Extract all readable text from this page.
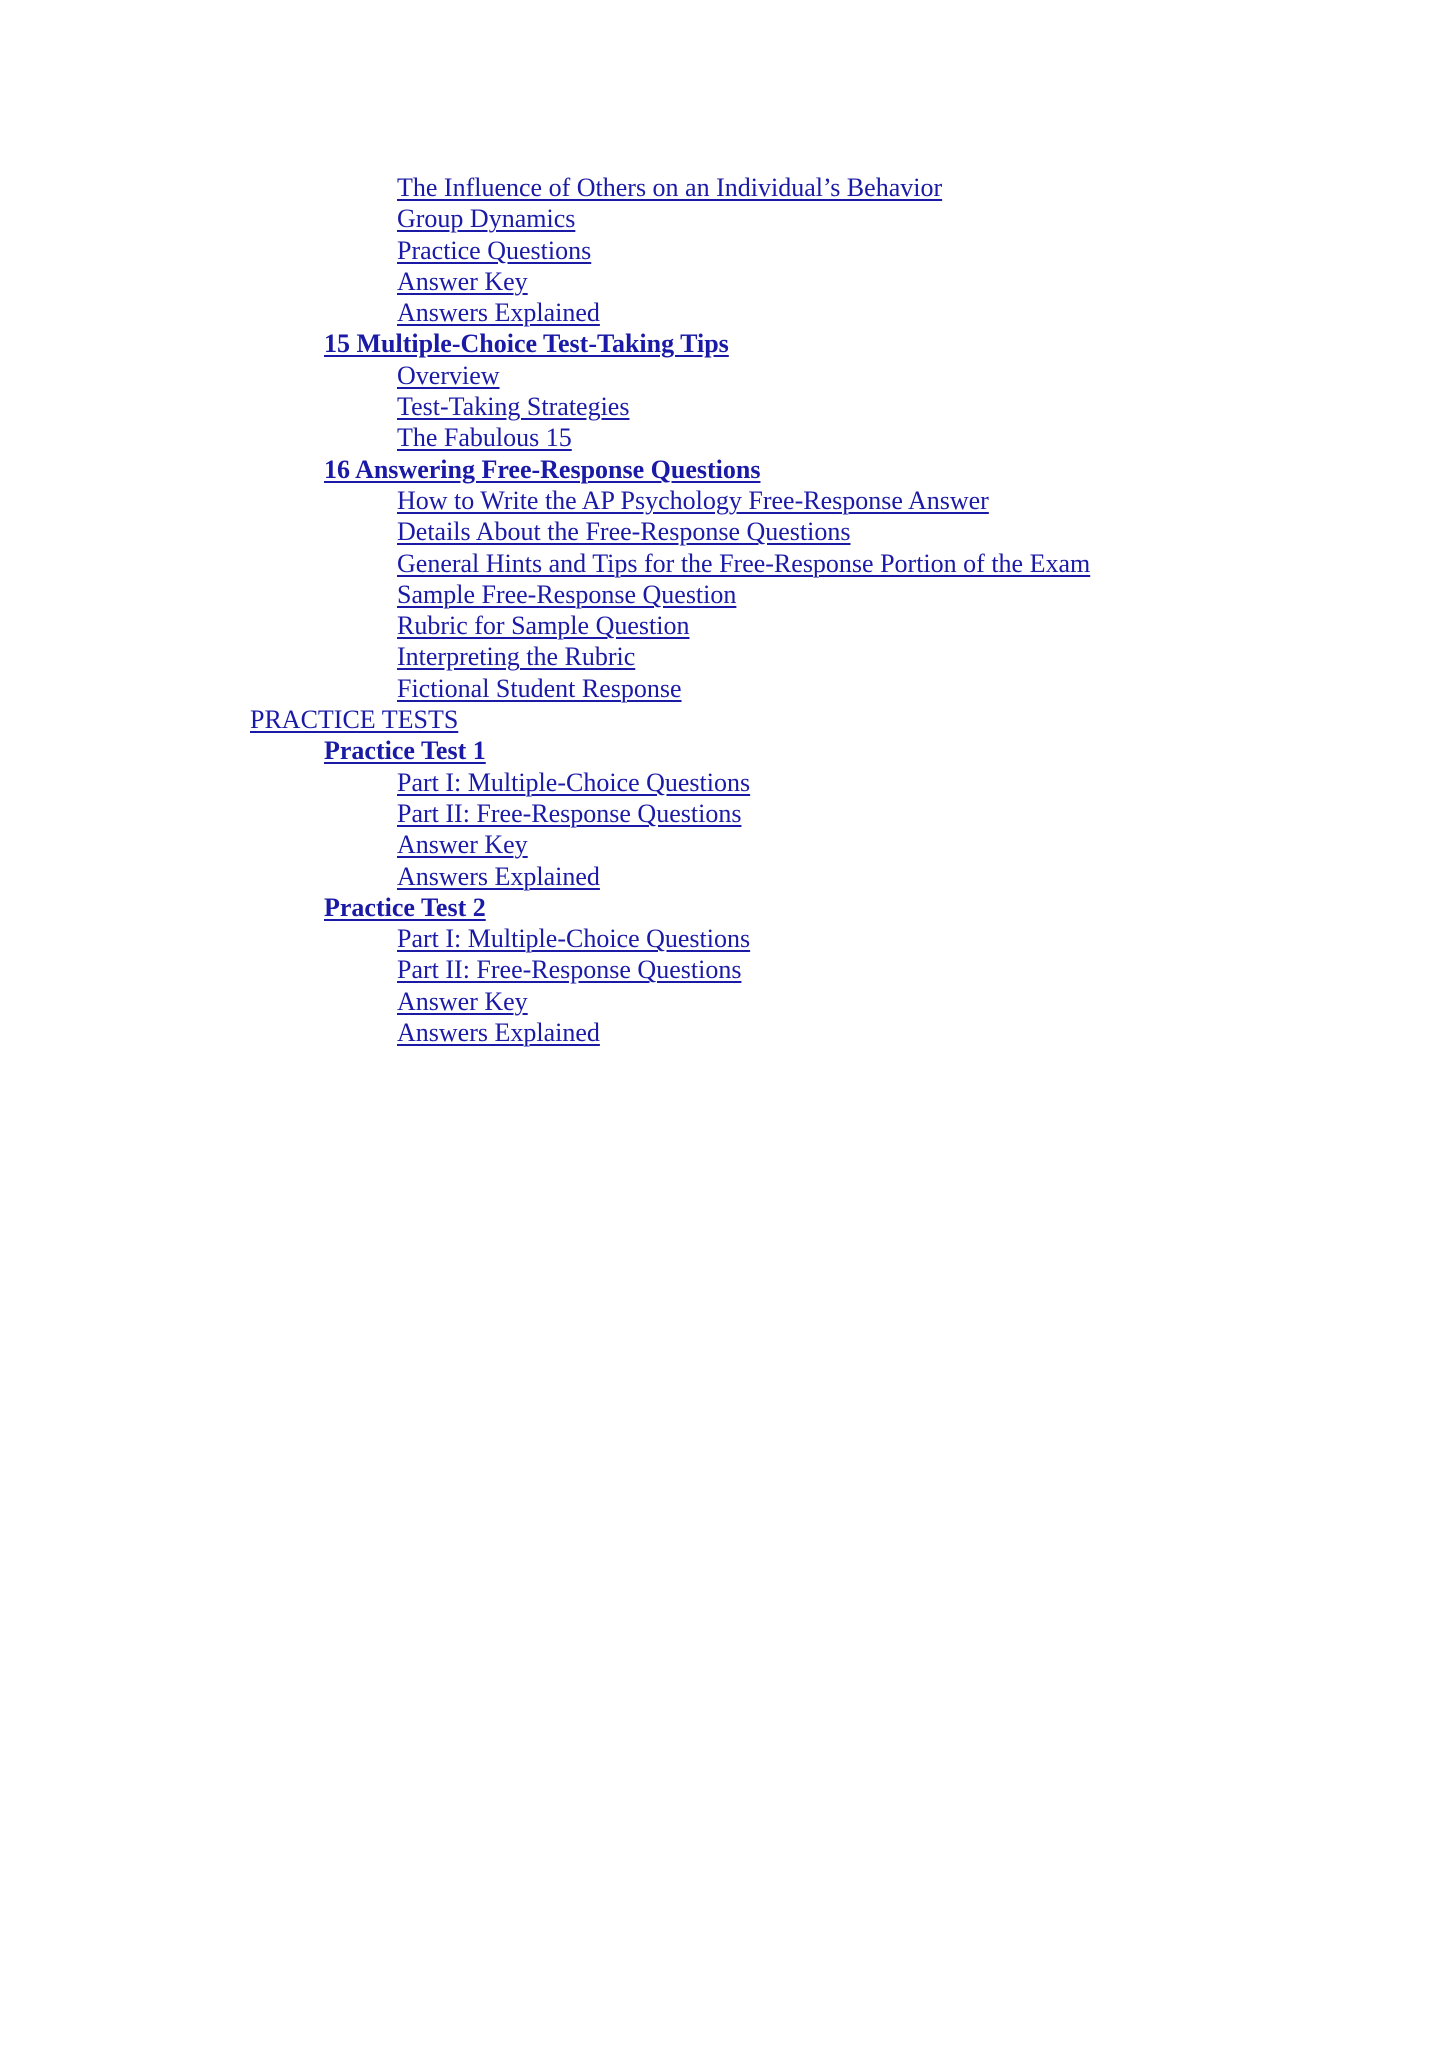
The Influence of Others on an Individual’s Behavior
Group Dynamics
Practice Questions
Answer Key
Answers Explained
15 Multiple-Choice Test-Taking Tips
Overview
Test-Taking Strategies
The Fabulous 15
16 Answering Free-Response Questions
How to Write the AP Psychology Free-Response Answer
Details About the Free-Response Questions
General Hints and Tips for the Free-Response Portion of the Exam
Sample Free-Response Question
Rubric for Sample Question
Interpreting the Rubric
Fictional Student Response
PRACTICE TESTS
Practice Test 1
Part I: Multiple-Choice Questions
Part II: Free-Response Questions
Answer Key
Answers Explained
Practice Test 2
Part I: Multiple-Choice Questions
Part II: Free-Response Questions
Answer Key
Answers Explained
